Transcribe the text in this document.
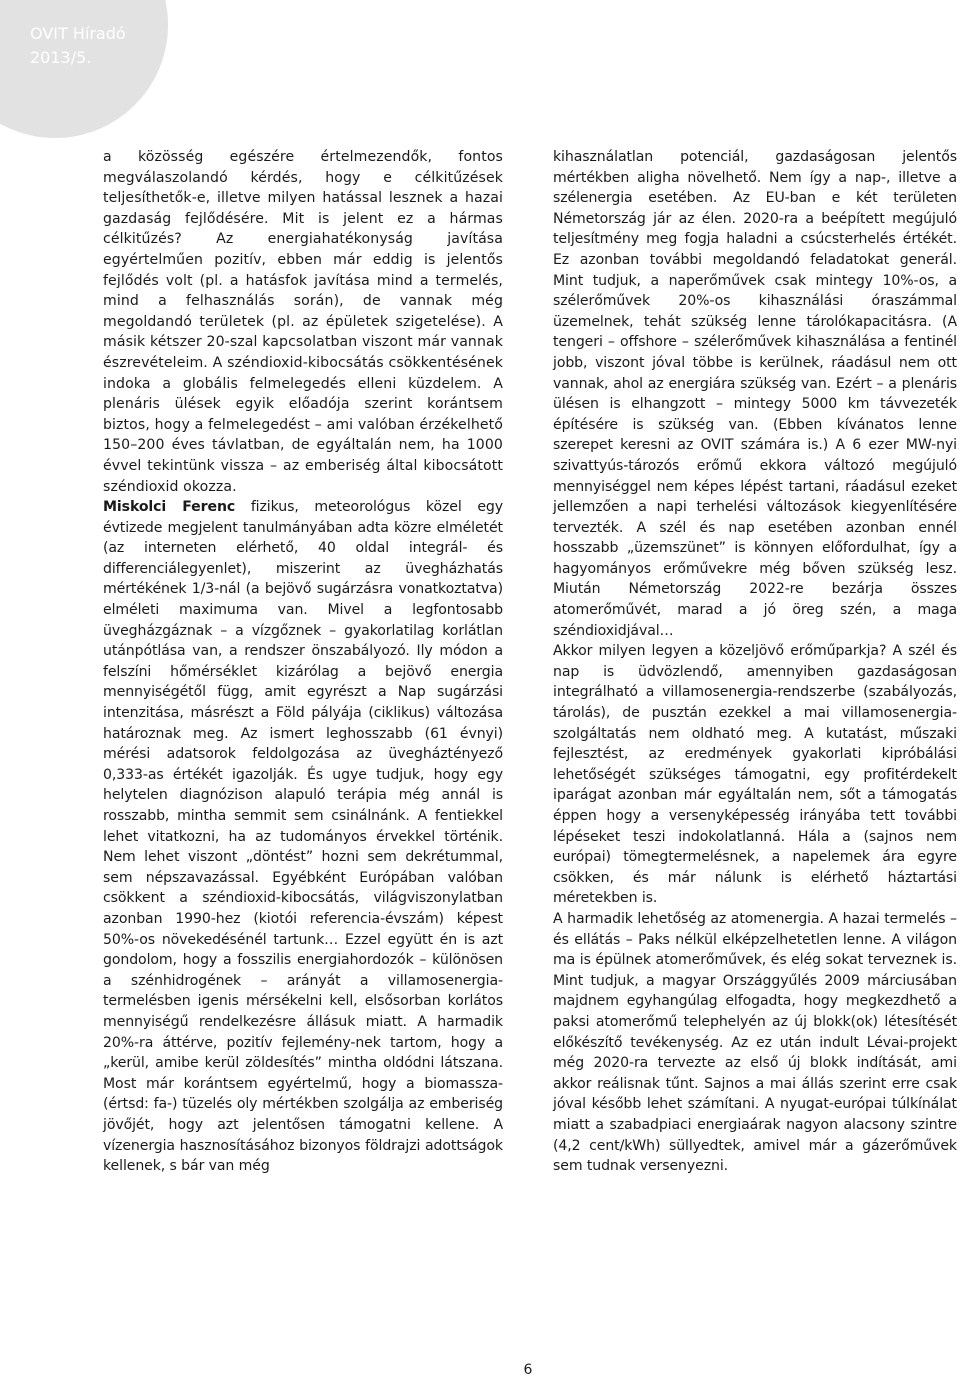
OVIT Híradó
2013/5.

a közösség egészére értelmezendők, fontos megválaszolandó kérdés, hogy e célkitűzések teljesíthetők-e, illetve milyen hatással lesznek a hazai gazdaság fejlődésére. Mit is jelent ez a hármas célkitűzés? Az energiahatékonyság javítása egyértelműen pozitív, ebben már eddig is jelentős fejlődés volt (pl. a hatásfok javítása mind a termelés, mind a felhasználás során), de vannak még megoldandó területek (pl. az épületek szigetelése). A másik kétszer 20-szal kapcsolatban viszont már vannak észrevételeim. A széndioxid-kibocsátás csökkentésének indoka a globális felmelegedés elleni küzdelem. A plenáris ülések egyik előadója szerint korántsem biztos, hogy a felmelegedést – ami valóban érzékelhető 150–200 éves távlatban, de egyáltalán nem, ha 1000 évvel tekintünk vissza – az emberiség által kibocsátott széndioxid okozza.

Miskolci Ferenc fizikus, meteorológus közel egy évtizede megjelent tanulmányában adta közre elméletét (az interneten elérhető, 40 oldal integrál- és differenciálegyenlet), miszerint az üvegházhatás mértékének 1/3-nál (a bejövő sugárzásra vonatkoztatva) elméleti maximuma van. Mivel a legfontosabb üvegházgáznak – a vízgőznek – gyakorlatilag korlátlan utánpótlása van, a rendszer önszabályozó. Ily módon a felszíni hőmérséklet kizárólag a bejövő energia mennyiségétől függ, amit egyrészt a Nap sugárzási intenzitása, másrészt a Föld pályája (ciklikus) változása határoznak meg. Az ismert leghosszabb (61 évnyi) mérési adatsorok feldolgozása az üvegháztényező 0,333-as értékét igazolják. És ugye tudjuk, hogy egy helytelen diagnózison alapuló terápia még annál is rosszabb, mintha semmit sem csinálnánk. A fentiekkel lehet vitatkozni, ha az tudományos érvekkel történik. Nem lehet viszont „döntést” hozni sem dekrétummal, sem népszavazással. Egyébként Európában valóban csökkent a széndioxid-kibocsátás, világviszonylatban azonban 1990-hez (kiotói referencia-évszám) képest 50%-os növekedésénél tartunk… Ezzel együtt én is azt gondolom, hogy a fosszilis energiahordozók – különösen a szénhidrogének – arányát a villamosenergia-termelésben igenis mérsékelni kell, elsősorban korlátos mennyiségű rendelkezésre állásuk miatt. A harmadik 20%-ra áttérve, pozitív fejlemény-nek tartom, hogy a „kerül, amibe kerül zöldesítés” mintha oldódni látszana. Most már korántsem egyértelmű, hogy a biomassza- (értsd: fa-) tüzelés oly mértékben szolgálja az emberiség jövőjét, hogy azt jelentősen támogatni kellene. A vízenergia hasznosításához bizonyos földrajzi adottságok kellenek, s bár van még

kihasználatlan potenciál, gazdaságosan jelentős mértékben aligha növelhető. Nem így a nap-, illetve a szélenergia esetében. Az EU-ban e két területen Németország jár az élen. 2020-ra a beépített megújuló teljesítmény meg fogja haladni a csúcsterhelés értékét. Ez azonban további megoldandó feladatokat generál. Mint tudjuk, a naperőművek csak mintegy 10%-os, a szélerőművek 20%-os kihasználási óraszámmal üzemelnek, tehát szükség lenne tárolókapacitásra. (A tengeri – offshore – szélerőművek kihasználása a fentinél jobb, viszont jóval többe is kerülnek, ráadásul nem ott vannak, ahol az energiára szükség van. Ezért – a plenáris ülésen is elhangzott – mintegy 5000 km távvezeték építésére is szükség van. (Ebben kívánatos lenne szerepet keresni az OVIT számára is.) A 6 ezer MW-nyi szivattyús-tározós erőmű ekkora változó megújuló mennyiséggel nem képes lépést tartani, ráadásul ezeket jellemzően a napi terhelési változások kiegyenlítésére tervezték. A szél és nap esetében azonban ennél hosszabb „üzemszünet” is könnyen előfordulhat, így a hagyományos erőművekre még bőven szükség lesz. Miután Németország 2022-re bezárja összes atomerőművét, marad a jó öreg szén, a maga széndioxidjával…

Akkor milyen legyen a közeljövő erőműparkja? A szél és nap is üdvözlendő, amennyiben gazdaságosan integrálható a villamosenergia-rendszerbe (szabályozás, tárolás), de pusztán ezekkel a mai villamosenergia-szolgáltatás nem oldható meg. A kutatást, műszaki fejlesztést, az eredmények gyakorlati kipróbálási lehetőségét szükséges támogatni, egy profitérdekelt iparágat azonban már egyáltalán nem, sőt a támogatás éppen hogy a versenyképesség irányába tett további lépéseket teszi indokolatlanná. Hála a (sajnos nem európai) tömegtermelésnek, a napelemek ára egyre csökken, és már nálunk is elérhető háztartási méretekben is.

A harmadik lehetőség az atomenergia. A hazai termelés – és ellátás – Paks nélkül elképzelhetetlen lenne. A világon ma is épülnek atomerőművek, és elég sokat terveznek is. Mint tudjuk, a magyar Országgyűlés 2009 márciusában majdnem egyhangúlag elfogadta, hogy megkezdhető a paksi atomerőmű telephelyén az új blokk(ok) létesítését előkészítő tevékenység. Az ez után indult Lévai-projekt még 2020-ra tervezte az első új blokk indítását, ami akkor reálisnak tűnt. Sajnos a mai állás szerint erre csak jóval később lehet számítani. A nyugat-európai túlkínálat miatt a szabadpiaci energiaárak nagyon alacsony szintre (4,2 cent/kWh) süllyedtek, amivel már a gázerőművek sem tudnak versenyezni.

6
